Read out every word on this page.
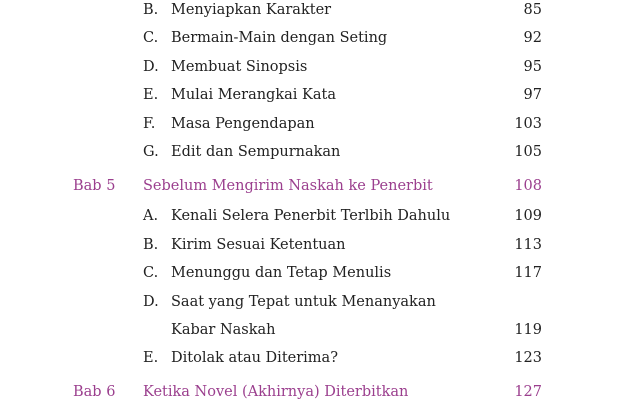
B. Menyiapkan Karakter	85
C. Bermain-Main dengan Seting	92
D. Membuat Sinopsis	95
E. Mulai Merangkai Kata	97
F. Masa Pengendapan	103
G. Edit dan Sempurnakan	105
Bab 5 Sebelum Mengirim Naskah ke Penerbit	108
A. Kenali Selera Penerbit Terlbih Dahulu	109
B. Kirim Sesuai Ketentuan	113
C. Menunggu dan Tetap Menulis	117
D. Saat yang Tepat untuk Menanyakan
Kabar Naskah	119
E. Ditolak atau Diterima?	123
Bab 6 Ketika Novel (Akhirnya) Diterbitkan	127
